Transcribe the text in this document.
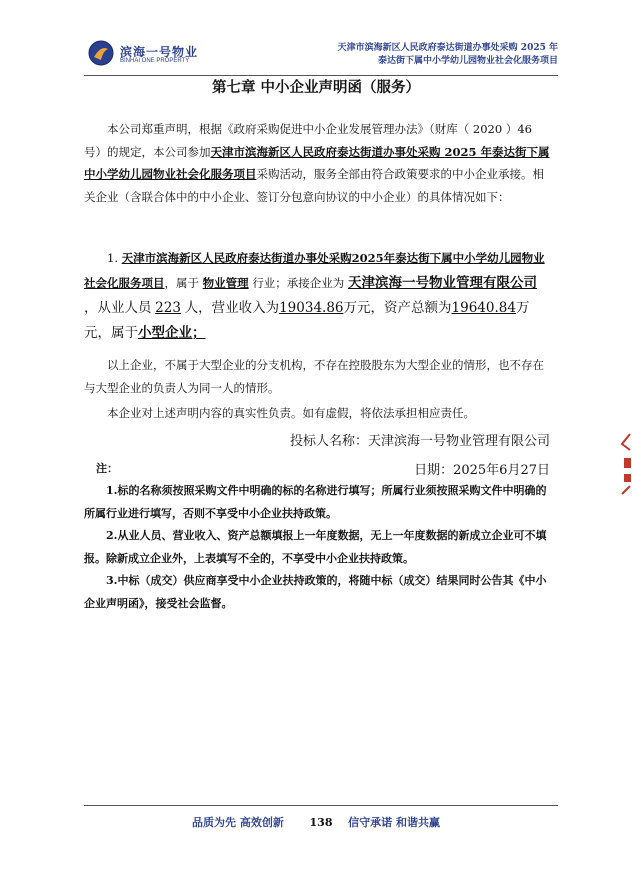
滨海一号物业
BINHAI ONE PROPERTY
天津市滨海新区人民政府泰达街道办事处采购 2025 年
泰达街下属中小学幼儿园物业社会化服务项目
第七章 中小企业声明函（服务）
本公司郑重声明，根据《政府采购促进中小企业发展管理办法》（财库（ 2020 ）46 号）的规定，本公司参加天津市滨海新区人民政府泰达街道办事处采购 2025 年泰达街下属中小学幼儿园物业社会化服务项目采购活动，服务全部由符合政策要求的中小企业承接。相关企业（含联合体中的中小企业、签订分包意向协议的中小企业）的具体情况如下：
1. 天津市滨海新区人民政府泰达街道办事处采购2025年泰达街下属中小学幼儿园物业社会化服务项目，属于 物业管理 行业；承接企业为 天津滨海一号物业管理有限公司 ，从业人员 223 人，营业收入为19034.86万元，资产总额为19640.84万元，属于小型企业；
以上企业，不属于大型企业的分支机构，不存在控股股东为大型企业的情形，也不存在与大型企业的负责人为同一人的情形。
本企业对上述声明内容的真实性负责。如有虚假，将依法承担相应责任。
投标人名称：天津滨海一号物业管理有限公司
日期：2025年6月27日
注：

1.标的名称须按照采购文件中明确的标的名称进行填写；所属行业须按照采购文件中明确的所属行业进行填写，否则不享受中小企业扶持政策。

2.从业人员、营业收入、资产总额填报上一年度数据，无上一年度数据的新成立企业可不填报。除新成立企业外，上表填写不全的，不享受中小企业扶持政策。

3.中标（成交）供应商享受中小企业扶持政策的，将随中标（成交）结果同时公告其《中小企业声明函》，接受社会监督。

品质为先 高效创新 138 信守承诺 和谐共赢
